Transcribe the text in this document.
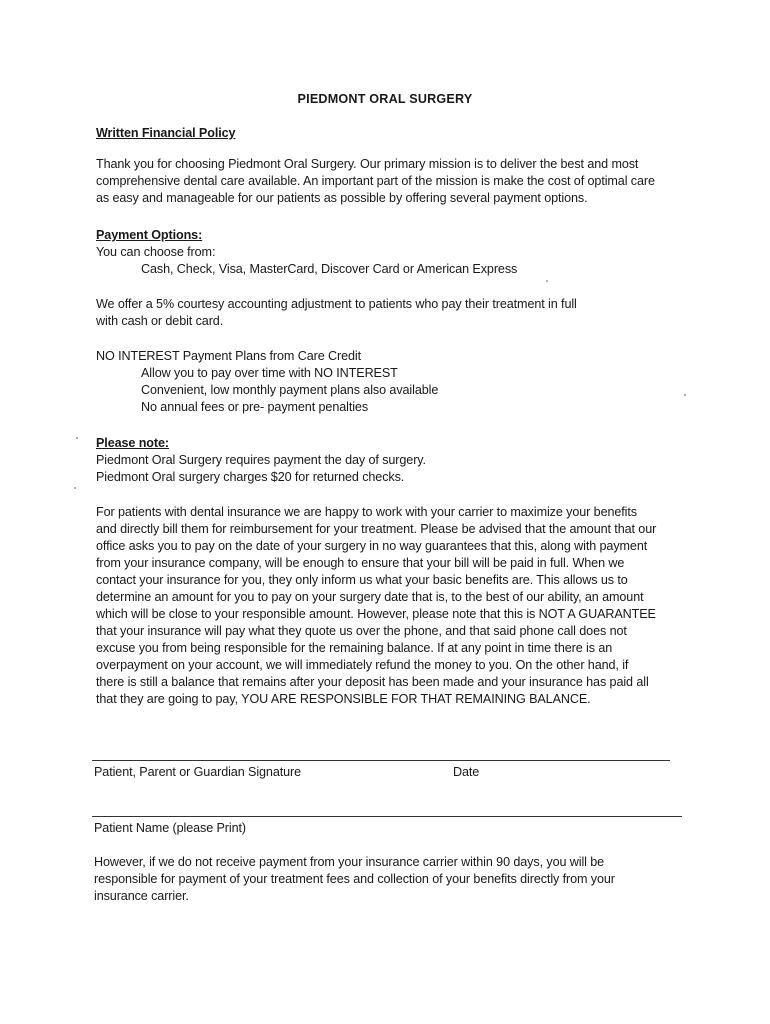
PIEDMONT ORAL SURGERY
Written Financial Policy
Thank you for choosing Piedmont Oral Surgery. Our primary mission is to deliver the best and most
comprehensive dental care available. An important part of the mission is make the cost of optimal care
as easy and manageable for our patients as possible by offering several payment options.
Payment Options:
You can choose from:
Cash, Check, Visa, MasterCard, Discover Card or American Express
We offer a 5% courtesy accounting adjustment to patients who pay their treatment in full
with cash or debit card.
NO INTEREST Payment Plans from Care Credit
Allow you to pay over time with NO INTEREST
Convenient, low monthly payment plans also available
No annual fees or pre- payment penalties
Please note:
Piedmont Oral Surgery requires payment the day of surgery.
Piedmont Oral surgery charges $20 for returned checks.
For patients with dental insurance we are happy to work with your carrier to maximize your benefits
and directly bill them for reimbursement for your treatment. Please be advised that the amount that our
office asks you to pay on the date of your surgery in no way guarantees that this, along with payment
from your insurance company, will be enough to ensure that your bill will be paid in full. When we
contact your insurance for you, they only inform us what your basic benefits are. This allows us to
determine an amount for you to pay on your surgery date that is, to the best of our ability, an amount
which will be close to your responsible amount. However, please note that this is NOT A GUARANTEE
that your insurance will pay what they quote us over the phone, and that said phone call does not
excuse you from being responsible for the remaining balance. If at any point in time there is an
overpayment on your account, we will immediately refund the money to you. On the other hand, if
there is still a balance that remains after your deposit has been made and your insurance has paid all
that they are going to pay, YOU ARE RESPONSIBLE FOR THAT REMAINING BALANCE.
Patient, Parent or Guardian Signature	Date
Patient Name (please Print)
However, if we do not receive payment from your insurance carrier within 90 days, you will be
responsible for payment of your treatment fees and collection of your benefits directly from your
insurance carrier.
